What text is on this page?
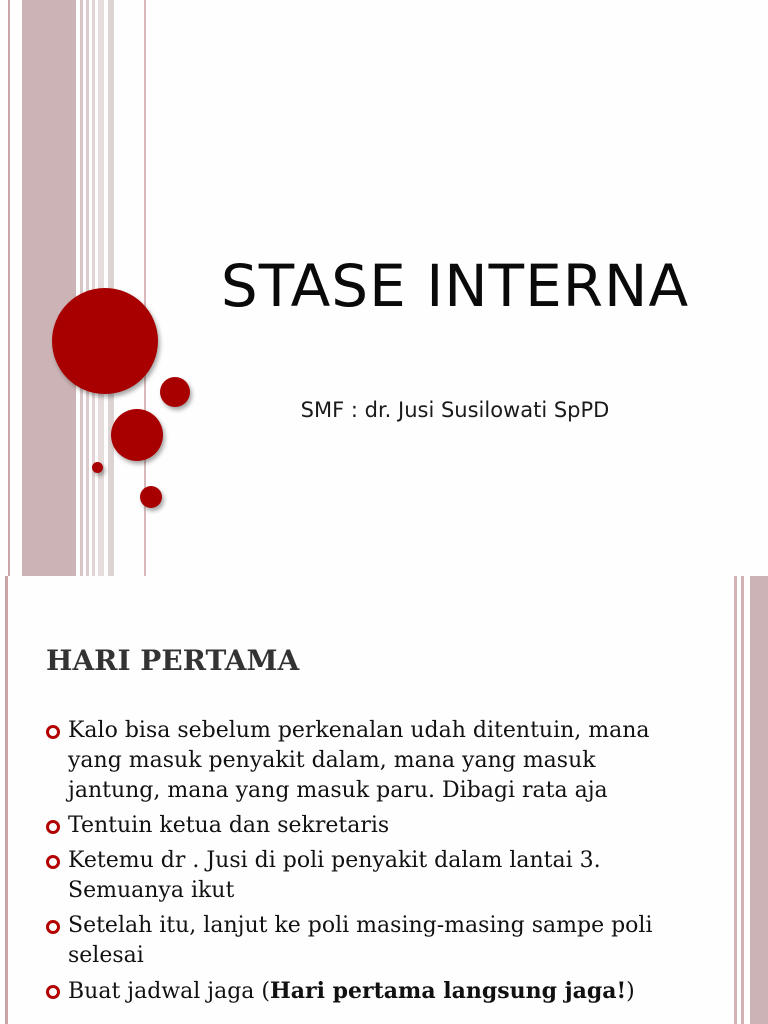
STASE INTERNA
SMF : dr. Jusi Susilowati SpPD
HARI PERTAMA
Kalo bisa sebelum perkenalan udah ditentuin, mana yang masuk penyakit dalam, mana yang masuk jantung, mana yang masuk paru. Dibagi rata aja
Tentuin ketua dan sekretaris
Ketemu dr . Jusi di poli penyakit dalam lantai 3. Semuanya ikut
Setelah itu, lanjut ke poli masing-masing sampe poli selesai
Buat jadwal jaga (Hari pertama langsung jaga!)
